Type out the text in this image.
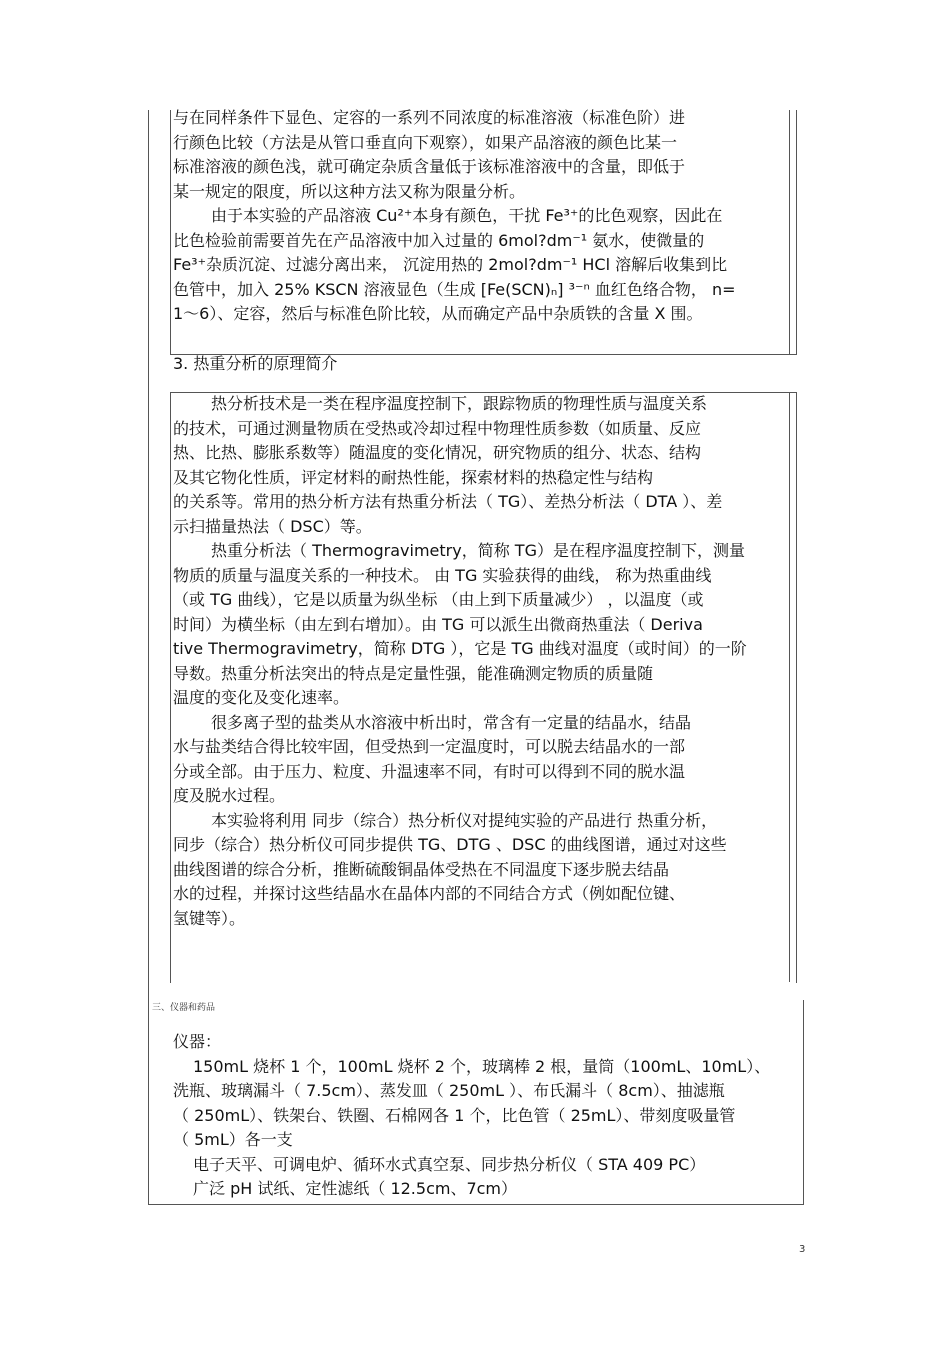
与在同样条件下显色、定容的一系列不同浓度的标准溶液（标准色阶）进

行颜色比较（方法是从管口垂直向下观察），如果产品溶液的颜色比某一

标准溶液的颜色浅，就可确定杂质含量低于该标准溶液中的含量，即低于

某一规定的限度，所以这种方法又称为限量分析。

由于本实验的产品溶液 Cu²⁺本身有颜色，干扰 Fe³⁺的比色观察，因此在

比色检验前需要首先在产品溶液中加入过量的 6mol?dm⁻¹ 氨水，使微量的

Fe³⁺杂质沉淀、过滤分离出来， 沉淀用热的 2mol?dm⁻¹ HCl 溶解后收集到比

色管中，加入 25% KSCN 溶液显色（生成 [Fe(SCN)ₙ] ³⁻ⁿ 血红色络合物， n=

1～6）、定容，然后与标准色阶比较，从而确定产品中杂质铁的含量 X 围。

3. 热重分析的原理简介

热分析技术是一类在程序温度控制下，跟踪物质的物理性质与温度关系

的技术，可通过测量物质在受热或冷却过程中物理性质参数（如质量、反应

热、比热、膨胀系数等）随温度的变化情况，研究物质的组分、状态、结构

及其它物化性质，评定材料的耐热性能，探索材料的热稳定性与结构

的关系等。常用的热分析方法有热重分析法（ TG）、差热分析法（ DTA ）、差

示扫描量热法（ DSC）等。

热重分析法（ Thermogravimetry，简称 TG）是在程序温度控制下，测量

物质的质量与温度关系的一种技术。 由 TG 实验获得的曲线， 称为热重曲线

（或 TG 曲线），它是以质量为纵坐标 （由上到下质量减少） ，以温度（或

时间）为横坐标（由左到右增加）。由 TG 可以派生出微商热重法（ Deriva

tive Thermogravimetry，简称 DTG ），它是 TG 曲线对温度（或时间）的一阶

导数。热重分析法突出的特点是定量性强，能准确测定物质的质量随

温度的变化及变化速率。

很多离子型的盐类从水溶液中析出时，常含有一定量的结晶水，结晶

水与盐类结合得比较牢固，但受热到一定温度时，可以脱去结晶水的一部

分或全部。由于压力、粒度、升温速率不同，有时可以得到不同的脱水温

度及脱水过程。

本实验将利用 同步（综合）热分析仪对提纯实验的产品进行 热重分析，

同步（综合）热分析仪可同步提供 TG、DTG 、DSC 的曲线图谱，通过对这些

曲线图谱的综合分析，推断硫酸铜晶体受热在不同温度下逐步脱去结晶

水的过程，并探讨这些结晶水在晶体内部的不同结合方式（例如配位键、

氢键等）。

三、仪器和药品

仪器：

150mL 烧杯 1 个，100mL 烧杯 2 个，玻璃棒 2 根，量筒（100mL、10mL）、

洗瓶、玻璃漏斗（ 7.5cm）、蒸发皿（ 250mL ）、布氏漏斗（ 8cm）、抽滤瓶

（ 250mL）、铁架台、铁圈、石棉网各 1 个，比色管（ 25mL）、带刻度吸量管

（ 5mL）各一支

电子天平、可调电炉、循环水式真空泵、同步热分析仪（ STA 409 PC）

广泛 pH 试纸、定性滤纸（ 12.5cm、7cm）

3
